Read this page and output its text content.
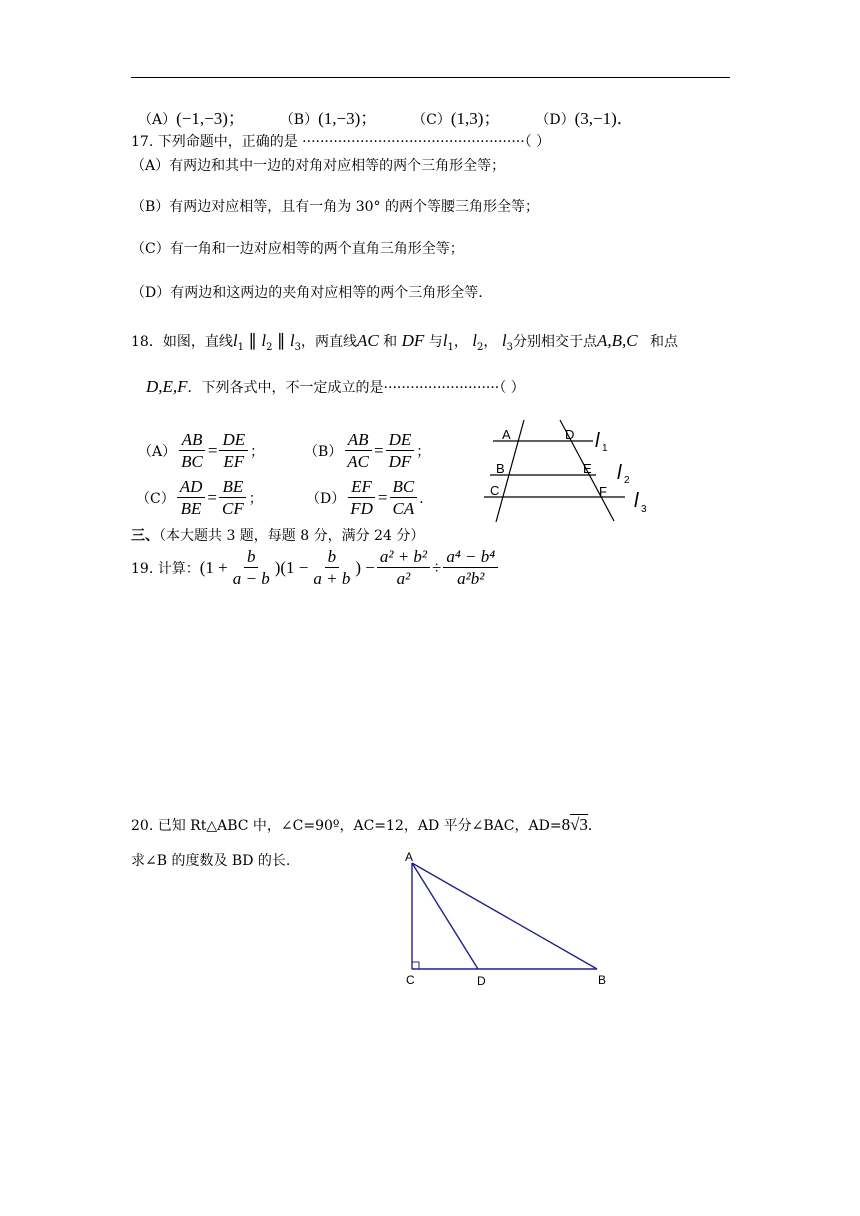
（A）(−1,−3)； （B）(1,−3)； （C）(1,3)； （D）(3,−1)．
17. 下列命题中，正确的是 ··················································（ ）
（A）有两边和其中一边的对角对应相等的两个三角形全等；
（B）有两边对应相等，且有一角为 30° 的两个等腰三角形全等；
（C）有一角和一边对应相等的两个直角三角形全等；
（D）有两边和这两边的夹角对应相等的两个三角形全等.
18．如图，直线$l_1$ ∥ $l_2$ ∥ $l_3$，两直线AC 和 DF 与$l_1$， $l_2$， $l_3$分别相交于点A,B,C 和点
D,E,F．下列各式中，不一定成立的是··························（ ）
$(A) \frac{AB}{BC} = \frac{DE}{EF}$ ；	$(B) \frac{AB}{AC} = \frac{DE}{DF}$ ；
$(C) \frac{AD}{BE} = \frac{BE}{CF}$ ；	$(D) \frac{EF}{FD} = \frac{BC}{CA}$ ．
A	D
B	E
C	F
l 1
l 2
l 3
三、（本大题共 3 题，每题 8 分，满分 24 分）
19. 计算： $(1 + \frac{b}{a - b} )(1 - \frac{b}{a + b}$ ) − $\frac{\text{a² + b²}}{\text{a²}} \div \frac{\text{a⁴ − b⁴}}{\text{a²b²}}$
20. 已知 Rt△ABC 中，∠C=90º，AC=12，AD 平分∠BAC，AD=8√3．
求∠B 的度数及 BD 的长.	A
C	D	B
